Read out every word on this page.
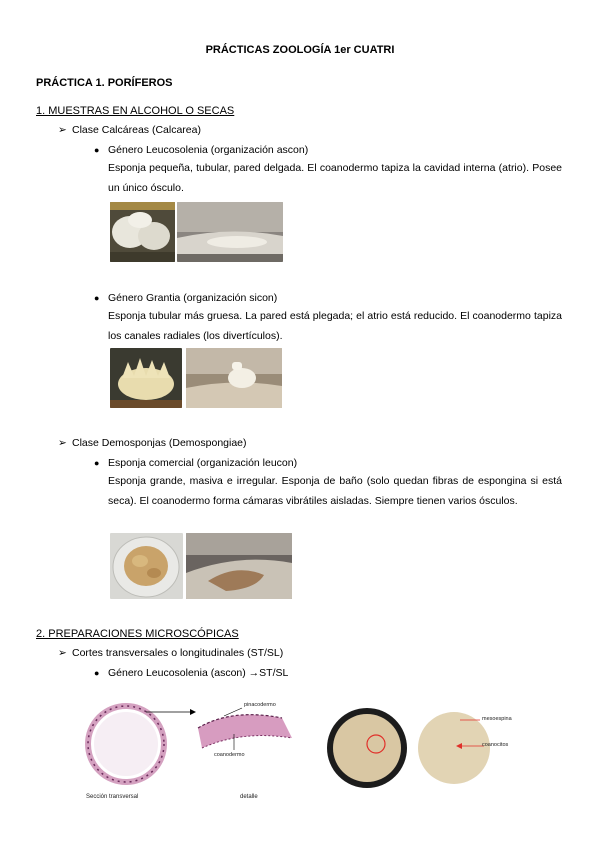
PRÁCTICAS ZOOLOGÍA 1er CUATRI
PRÁCTICA 1. PORÍFEROS
1. MUESTRAS EN ALCOHOL O SECAS
➢ Clase Calcáreas (Calcarea)
● Género Leucosolenia (organización ascon)
Esponja pequeña, tubular, pared delgada. El coanodermo tapiza la cavidad interna (atrio). Posee un único ósculo.
● Género Grantia (organización sicon)
Esponja tubular más gruesa. La pared está plegada; el atrio está reducido. El coanodermo tapiza los canales radiales (los divertículos).
➢ Clase Demosponjas (Demospongiae)
● Esponja comercial (organización leucon)
Esponja grande, masiva e irregular. Esponja de baño (solo quedan fibras de espongina si está seca). El coanodermo forma cámaras vibrátiles aisladas. Siempre tienen varios ósculos.
2. PREPARACIONES MICROSCÓPICAS
➢ Cortes transversales o longitudinales (ST/SL)
● Género Leucosolenia (ascon) →ST/SL
pinacodermo
coanodermo
mesoespina
coanocitos
Sección transversal	detalle
